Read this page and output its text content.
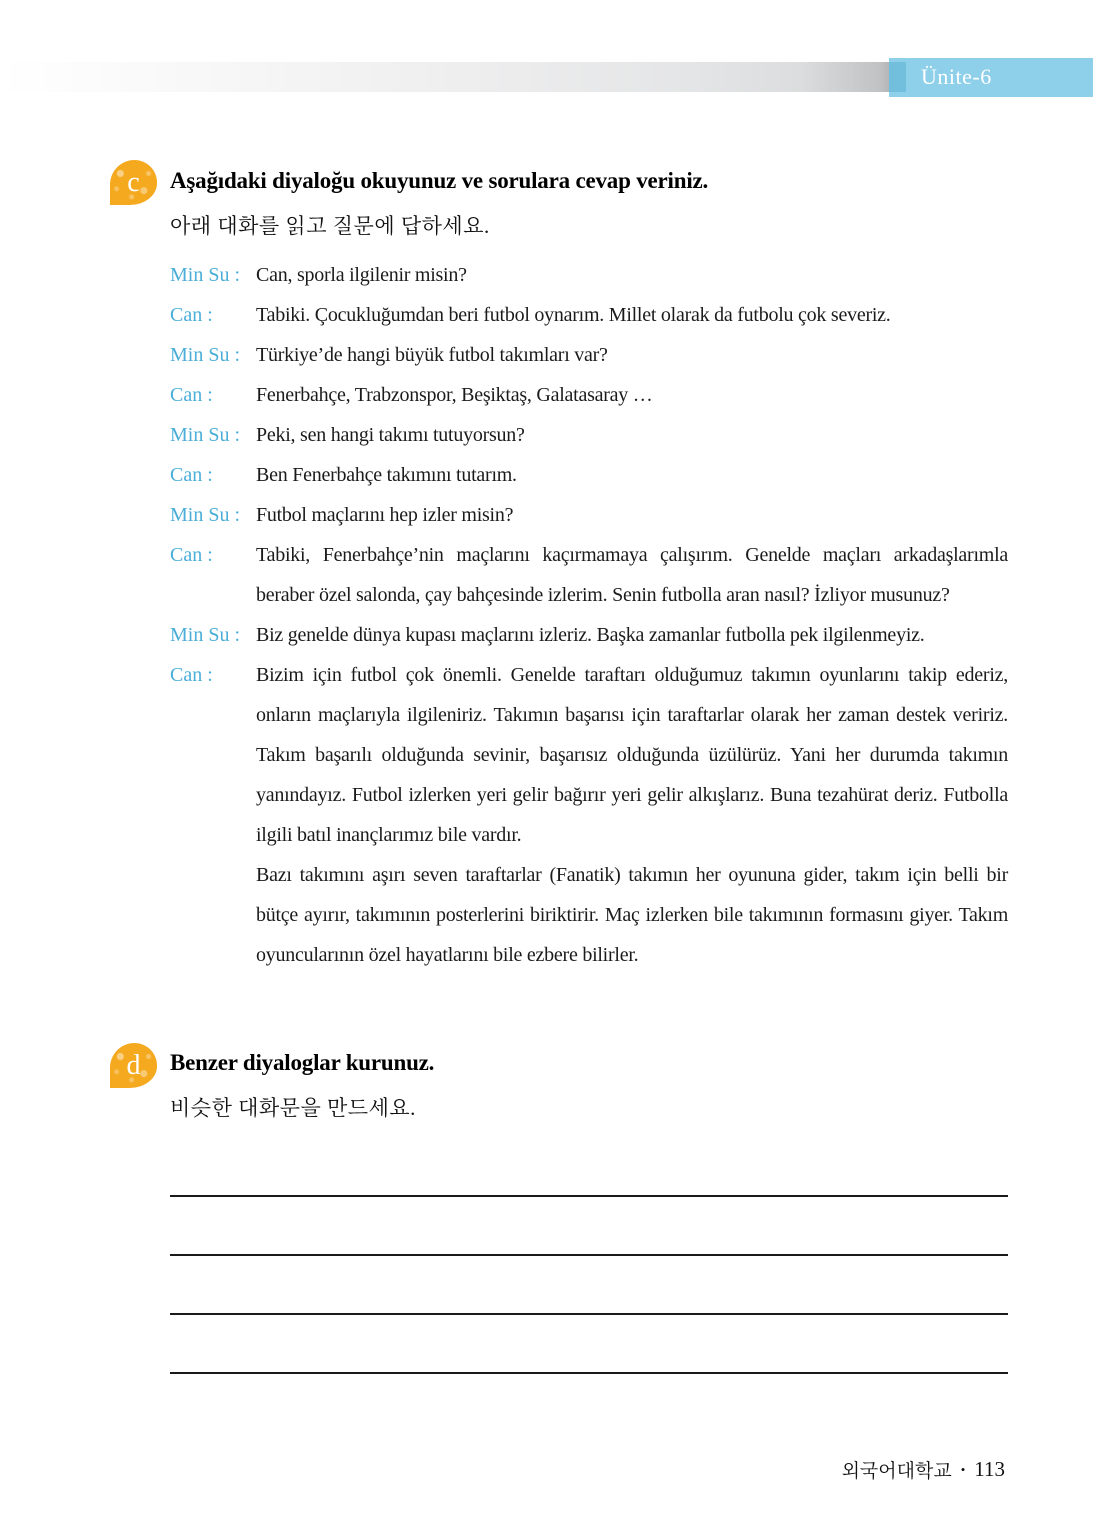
Ünite-6
c	Aşağıdaki diyaloğu okuyunuz ve sorulara cevap veriniz.
아래 대화를 읽고 질문에 답하세요.
Min Su : Can, sporla ilgilenir misin?
Can :	Tabiki. Çocukluğumdan beri futbol oynarım. Millet olarak da futbolu çok severiz.
Min Su : Türkiye’de hangi büyük futbol takımları var?
Can :	Fenerbahçe, Trabzonspor, Beşiktaş, Galatasaray …
Min Su : Peki, sen hangi takımı tutuyorsun?
Can :	Ben Fenerbahçe takımını tutarım.
Min Su : Futbol maçlarını hep izler misin?
Can :	Tabiki, Fenerbahçe’nin maçlarını kaçırmamaya çalışırım. Genelde maçları arkadaşlarımla beraber özel salonda, çay bahçesinde izlerim. Senin futbolla aran nasıl? İzliyor musunuz?
Min Su : Biz genelde dünya kupası maçlarını izleriz. Başka zamanlar futbolla pek ilgilenmeyiz.
Can :	Bizim için futbol çok önemli. Genelde taraftarı olduğumuz takımın oyunlarını takip ederiz, onların maçlarıyla ilgileniriz. Takımın başarısı için taraftarlar olarak her zaman destek veririz. Takım başarılı olduğunda sevinir, başarısız olduğunda üzülürüz. Yani her durumda takımın yanındayız. Futbol izlerken yeri gelir bağırır yeri gelir alkışlarız. Buna tezahürat deriz. Futbolla ilgili batıl inançlarımız bile vardır.
Bazı takımını aşırı seven taraftarlar (Fanatik) takımın her oyununa gider, takım için belli bir bütçe ayırır, takımının posterlerini biriktirir. Maç izlerken bile takımının formasını giyer. Takım oyuncularının özel hayatlarını bile ezbere bilirler.
d	Benzer diyaloglar kurunuz.
비슷한 대화문을 만드세요.
외국어대학교 • 113
